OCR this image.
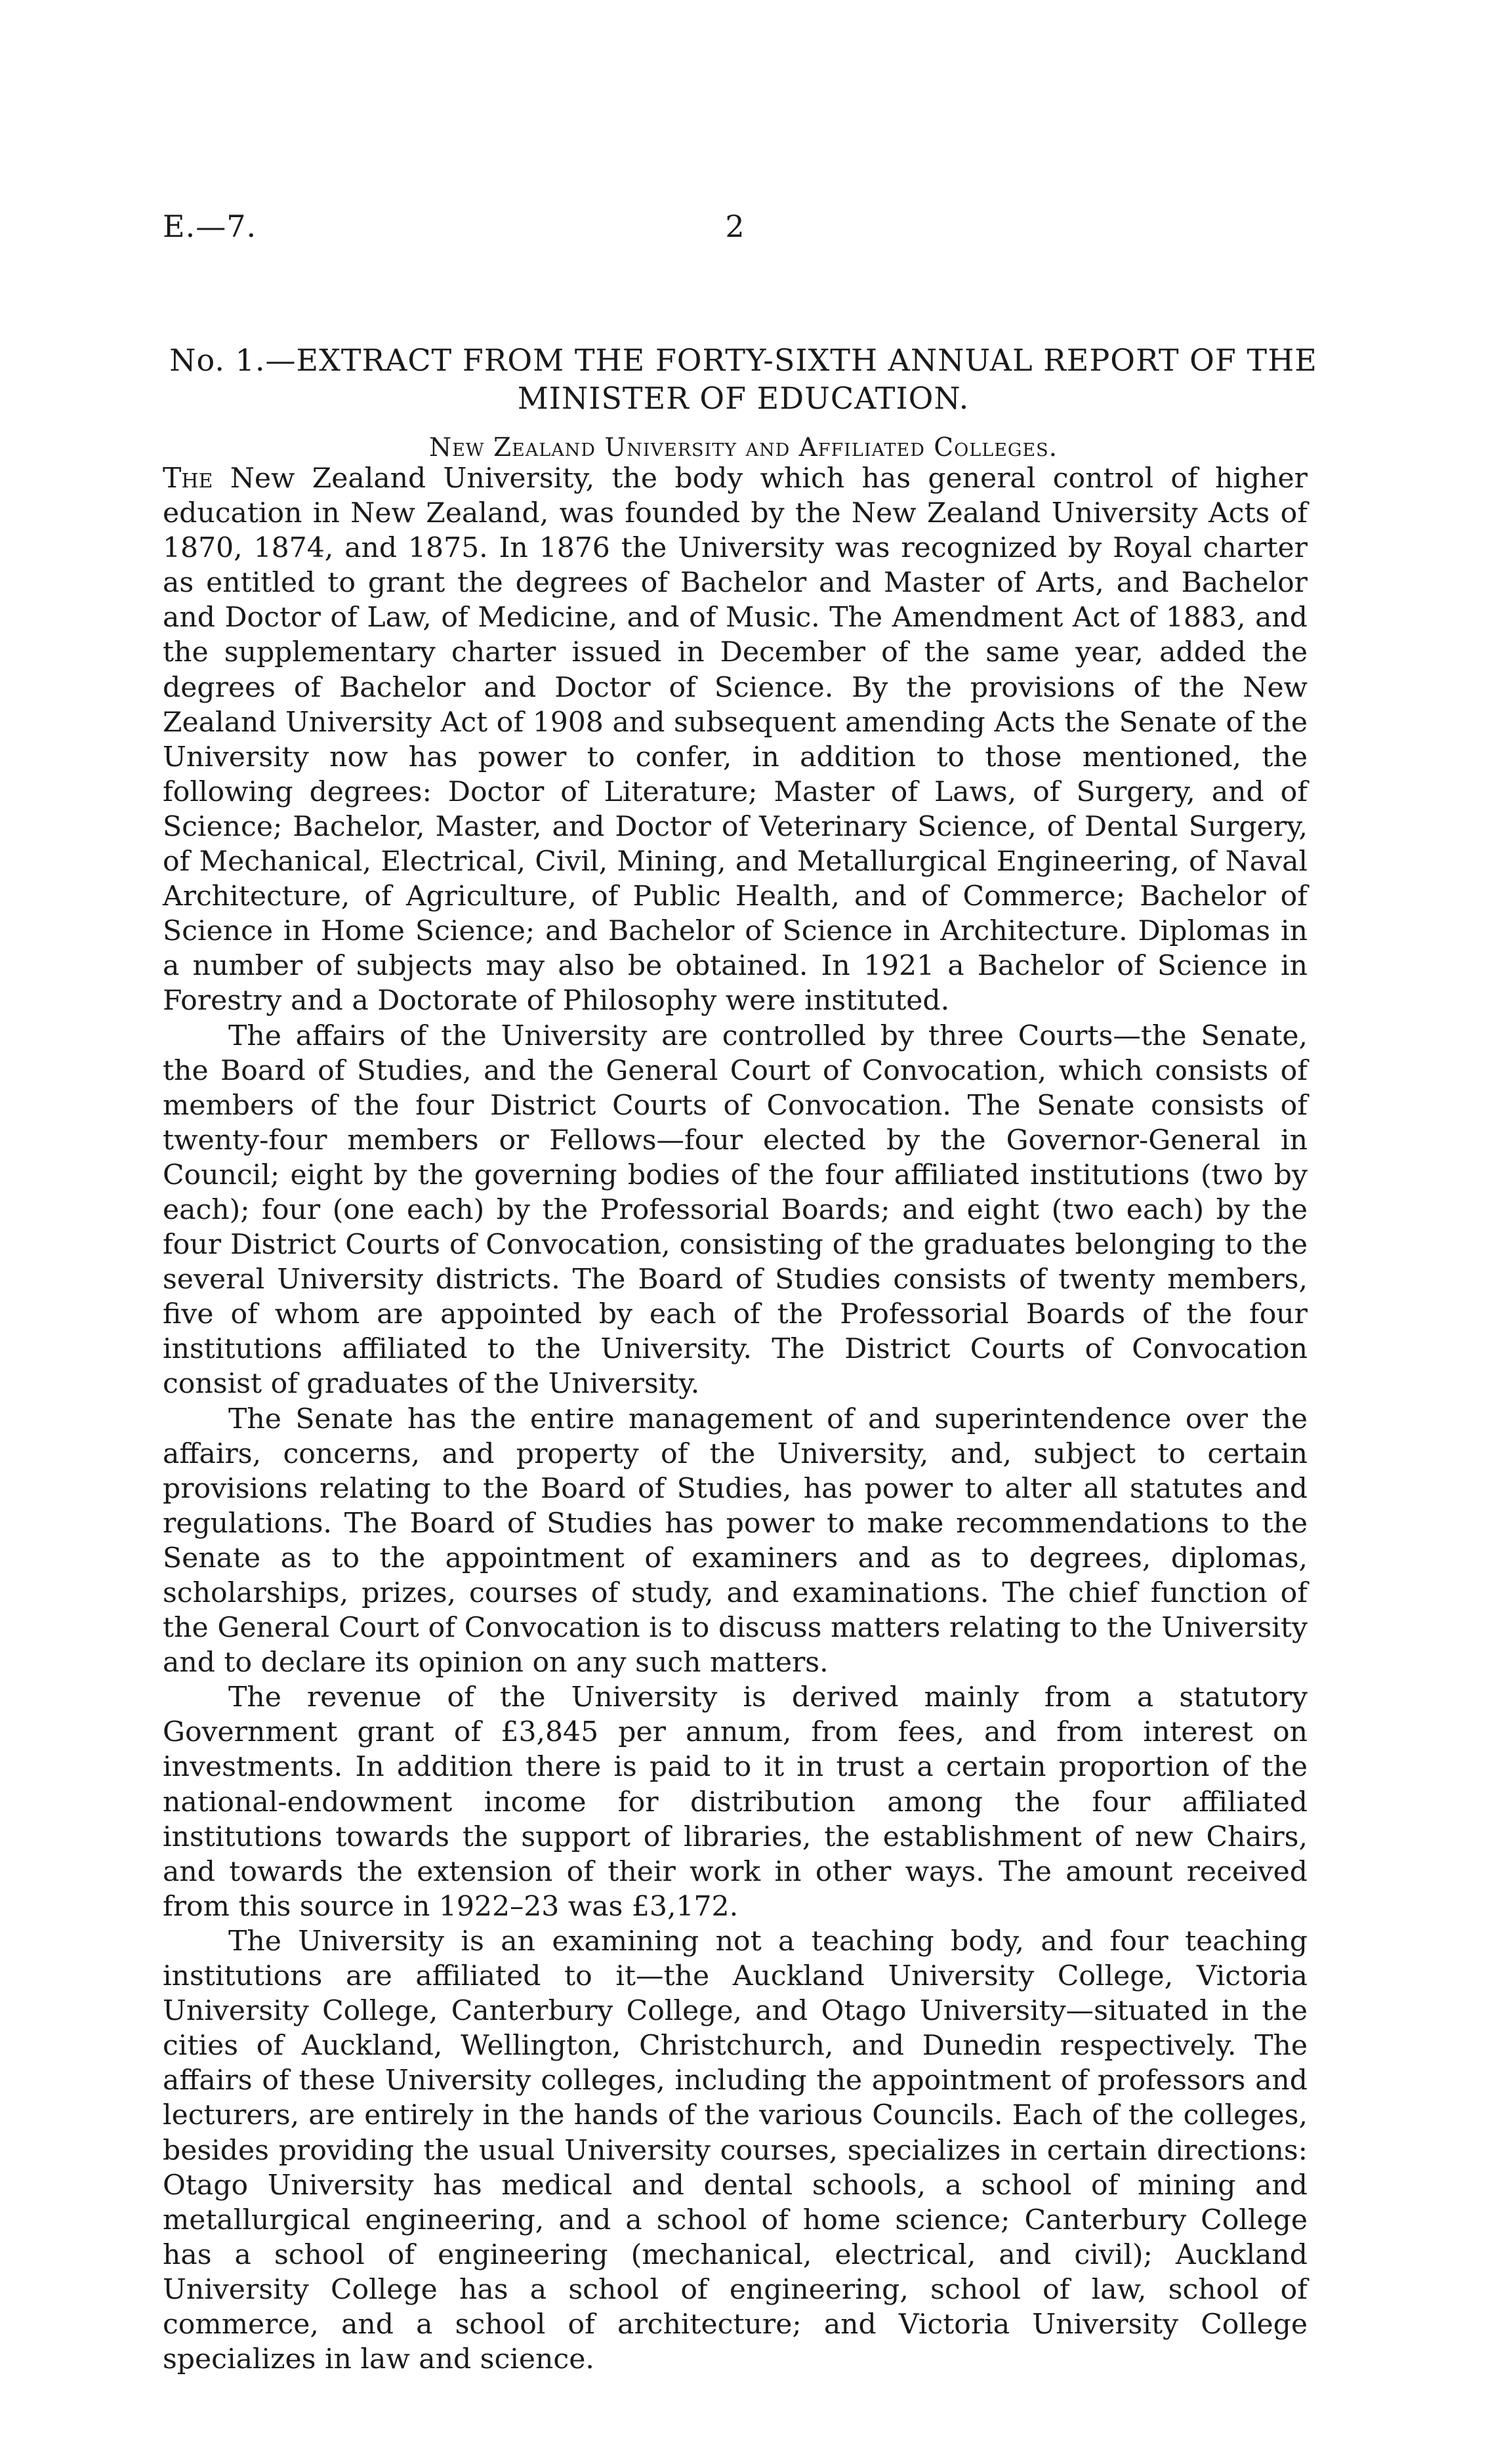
E.—7.	2
No. 1.—EXTRACT FROM THE FORTY-SIXTH ANNUAL REPORT OF THE
MINISTER OF EDUCATION.
New Zealand University and Affiliated Colleges.

The New Zealand University, the body which has general control of higher education in New Zealand, was founded by the New Zealand University Acts of 1870, 1874, and 1875. In 1876 the University was recognized by Royal charter as entitled to grant the degrees of Bachelor and Master of Arts, and Bachelor and Doctor of Law, of Medicine, and of Music. The Amendment Act of 1883, and the supplementary charter issued in December of the same year, added the degrees of Bachelor and Doctor of Science. By the provisions of the New Zealand University Act of 1908 and subsequent amending Acts the Senate of the University now has power to confer, in addition to those mentioned, the following degrees: Doctor of Literature; Master of Laws, of Surgery, and of Science; Bachelor, Master, and Doctor of Veterinary Science, of Dental Surgery, of Mechanical, Electrical, Civil, Mining, and Metallurgical Engineering, of Naval Architecture, of Agriculture, of Public Health, and of Commerce; Bachelor of Science in Home Science; and Bachelor of Science in Architecture. Diplomas in a number of subjects may also be obtained. In 1921 a Bachelor of Science in Forestry and a Doctorate of Philosophy were instituted.

The affairs of the University are controlled by three Courts—the Senate, the Board of Studies, and the General Court of Convocation, which consists of members of the four District Courts of Convocation. The Senate consists of twenty-four members or Fellows—four elected by the Governor-General in Council; eight by the governing bodies of the four affiliated institutions (two by each); four (one each) by the Professorial Boards; and eight (two each) by the four District Courts of Convocation, consisting of the graduates belonging to the several University districts. The Board of Studies consists of twenty members, five of whom are appointed by each of the Professorial Boards of the four institutions affiliated to the University. The District Courts of Convocation consist of graduates of the University.

The Senate has the entire management of and superintendence over the affairs, concerns, and property of the University, and, subject to certain provisions relating to the Board of Studies, has power to alter all statutes and regulations. The Board of Studies has power to make recommendations to the Senate as to the appointment of examiners and as to degrees, diplomas, scholarships, prizes, courses of study, and examinations. The chief function of the General Court of Convocation is to discuss matters relating to the University and to declare its opinion on any such matters.

The revenue of the University is derived mainly from a statutory Government grant of £3,845 per annum, from fees, and from interest on investments. In addition there is paid to it in trust a certain proportion of the national-endowment income for distribution among the four affiliated institutions towards the support of libraries, the establishment of new Chairs, and towards the extension of their work in other ways. The amount received from this source in 1922–23 was £3,172.

The University is an examining not a teaching body, and four teaching institutions are affiliated to it—the Auckland University College, Victoria University College, Canterbury College, and Otago University—situated in the cities of Auckland, Wellington, Christchurch, and Dunedin respectively. The affairs of these University colleges, including the appointment of professors and lecturers, are entirely in the hands of the various Councils. Each of the colleges, besides providing the usual University courses, specializes in certain directions: Otago University has medical and dental schools, a school of mining and metallurgical engineering, and a school of home science; Canterbury College has a school of engineering (mechanical, electrical, and civil); Auckland University College has a school of engineering, school of law, school of commerce, and a school of architecture; and Victoria University College specializes in law and science.
